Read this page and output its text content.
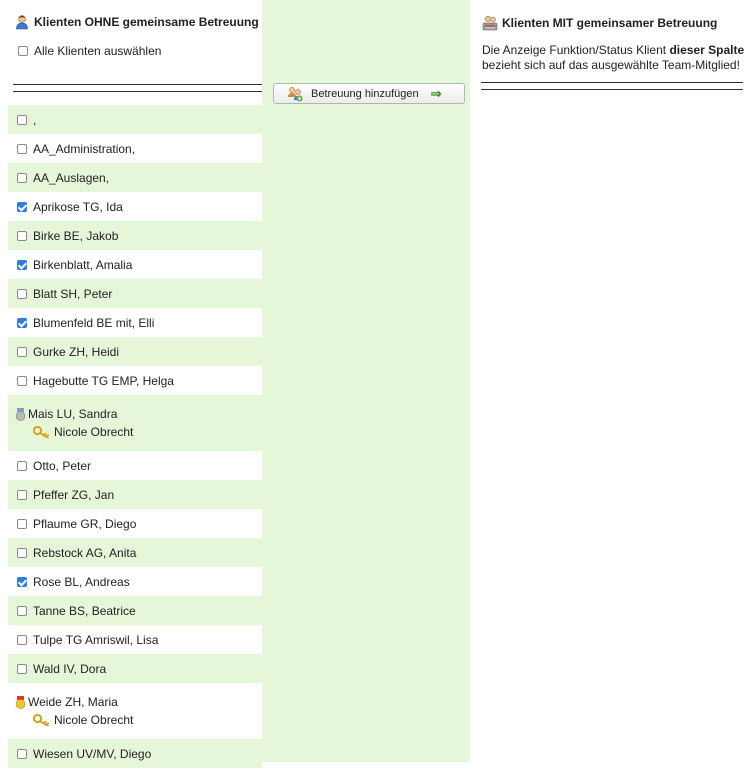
Klienten OHNE gemeinsame Betreuung
Alle Klienten auswählen
,
AA_Administration,
AA_Auslagen,
Aprikose TG, Ida
Birke BE, Jakob
Birkenblatt, Amalia
Blatt SH, Peter
Blumenfeld BE mit, Elli
Gurke ZH, Heidi
Hagebutte TG EMP, Helga
Mais LU, Sandra
Nicole Obrecht
Otto, Peter
Pfeffer ZG, Jan
Pflaume GR, Diego
Rebstock AG, Anita
Rose BL, Andreas
Tanne BS, Beatrice
Tulpe TG Amriswil, Lisa
Wald IV, Dora
Weide ZH, Maria
Nicole Obrecht
Wiesen UV/MV, Diego
Betreuung hinzufügen ⇒
Klienten MIT gemeinsamer Betreuung
Die Anzeige Funktion/Status Klient dieser Spalte
bezieht sich auf das ausgewählte Team-Mitglied!
